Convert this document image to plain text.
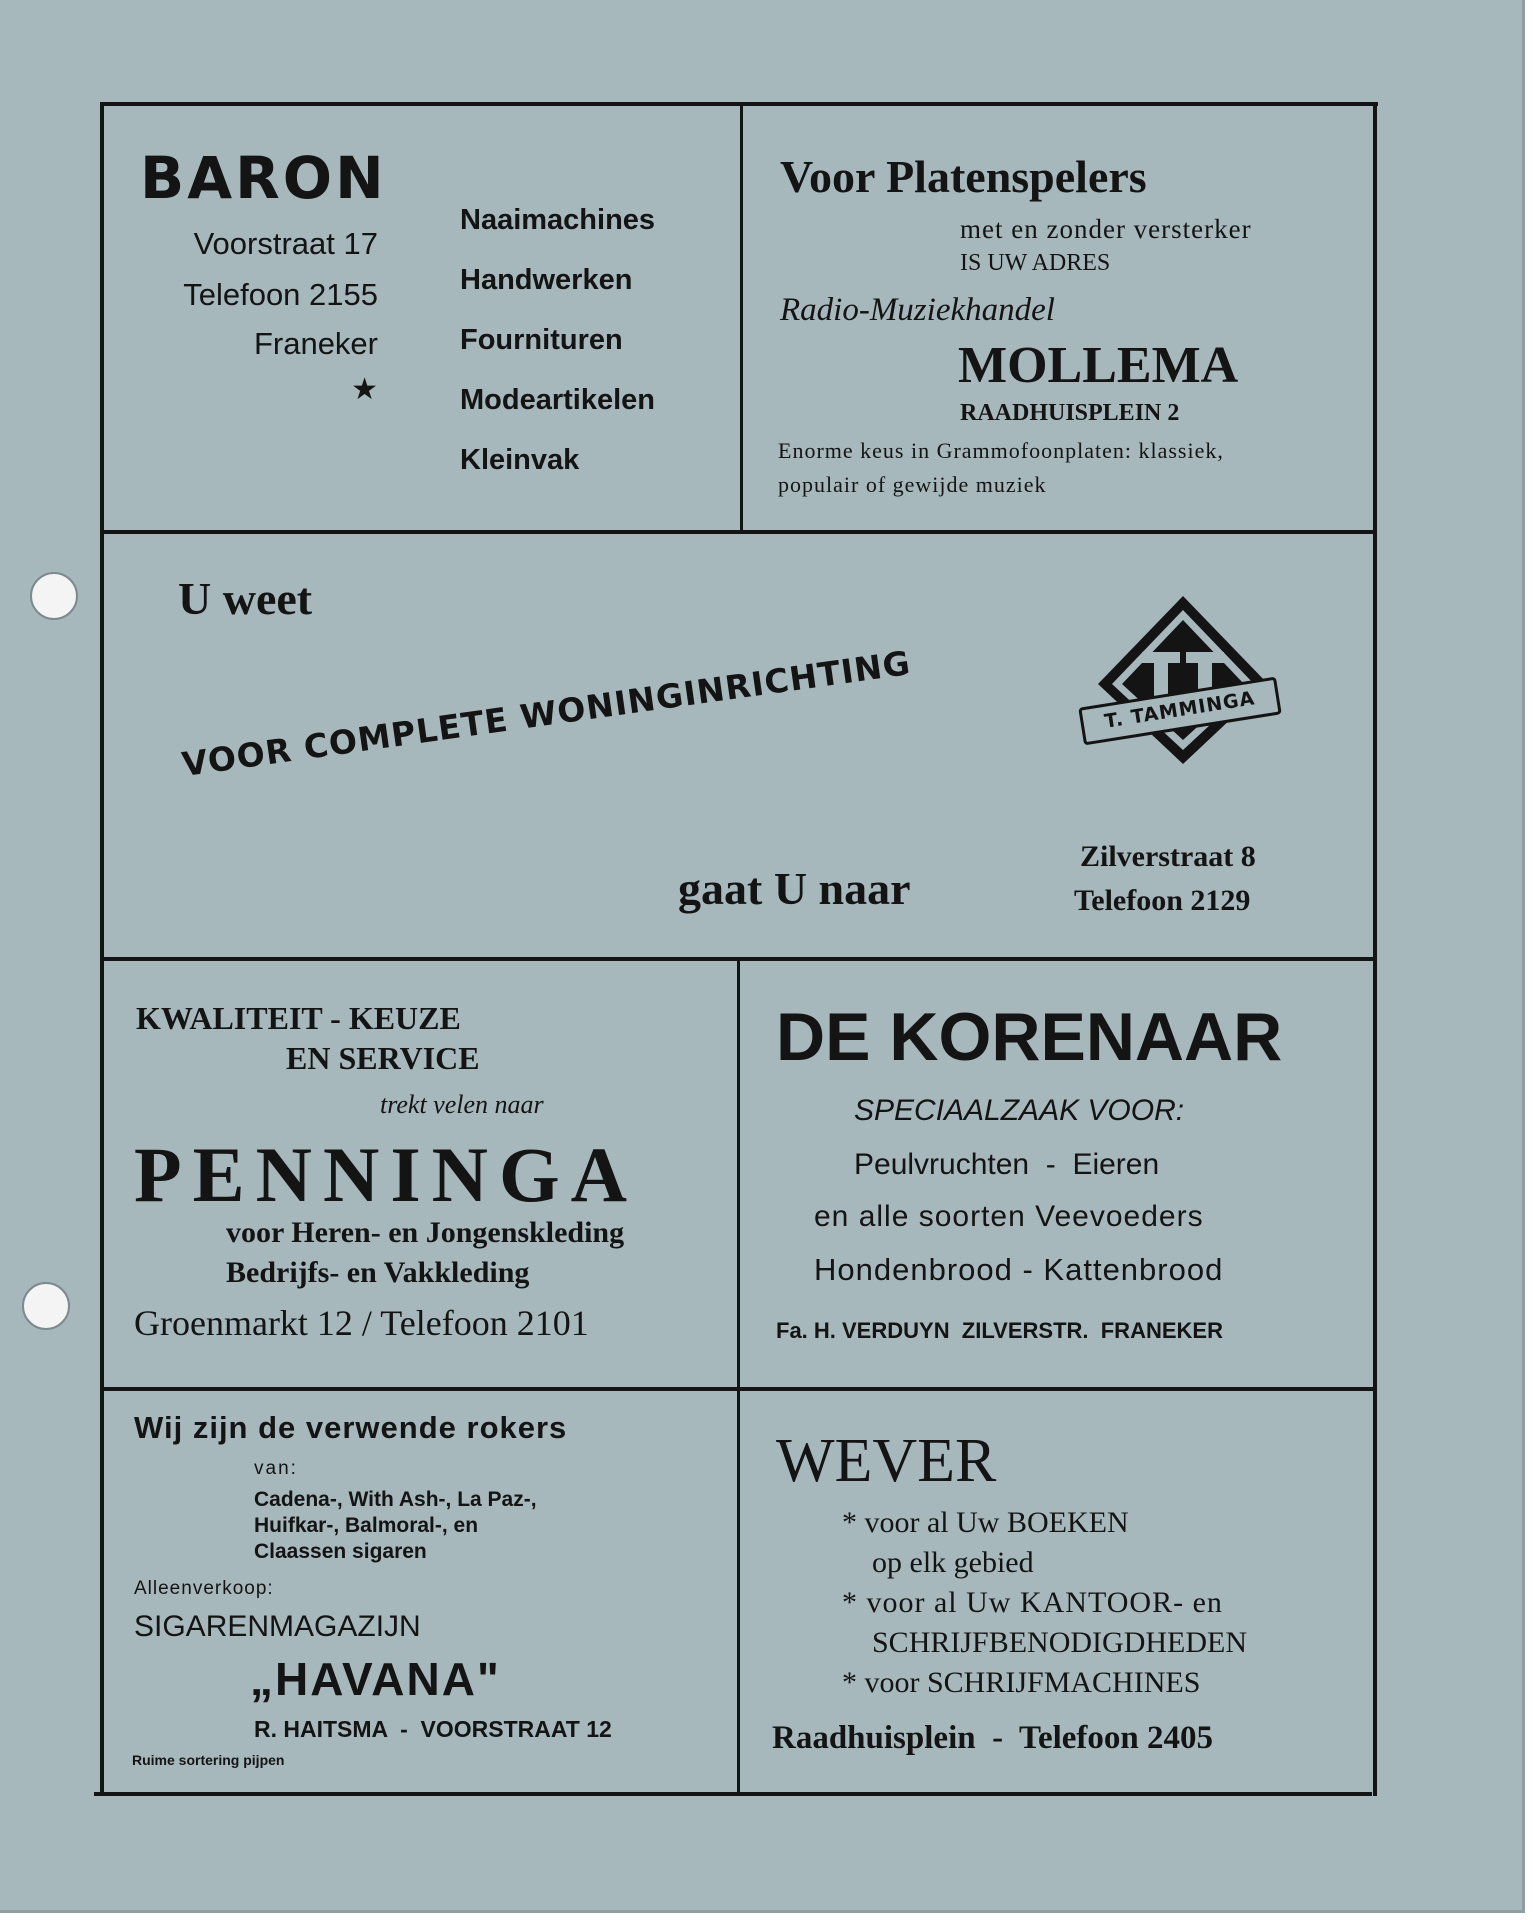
BARON

Voorstraat 17

Telefoon 2155

Franeker

★

Naaimachines

Handwerken

Fournituren

Modeartikelen

Kleinvak

Voor Platenspelers

met en zonder versterker

IS UW ADRES

Radio-Muziekhandel

MOLLEMA

RAADHUISPLEIN 2

Enorme keus in Grammofoonplaten: klassiek,

populair of gewijde muziek

U weet

VOOR COMPLETE WONINGINRICHTING

gaat U naar

T. TAMMINGA

Zilverstraat 8

Telefoon 2129

KWALITEIT - KEUZE

EN SERVICE

trekt velen naar

PENNINGA

voor Heren- en Jongenskleding

Bedrijfs- en Vakkleding

Groenmarkt 12 / Telefoon 2101

DE KORENAAR

SPECIAALZAAK VOOR:

Peulvruchten  -  Eieren

en alle soorten Veevoeders

Hondenbrood - Kattenbrood

Fa. H. VERDUYN  ZILVERSTR.  FRANEKER

Wij zijn de verwende rokers

van:

Cadena-, With Ash-, La Paz-,

Huifkar-, Balmoral-, en

Claassen sigaren

Alleenverkoop:

SIGARENMAGAZIJN

„HAVANA"

R. HAITSMA  -  VOORSTRAAT 12

Ruime sortering pijpen

WEVER

* voor al Uw BOEKEN

op elk gebied

* voor al Uw KANTOOR- en

SCHRIJFBENODIGDHEDEN

* voor SCHRIJFMACHINES

Raadhuisplein  -  Telefoon 2405
